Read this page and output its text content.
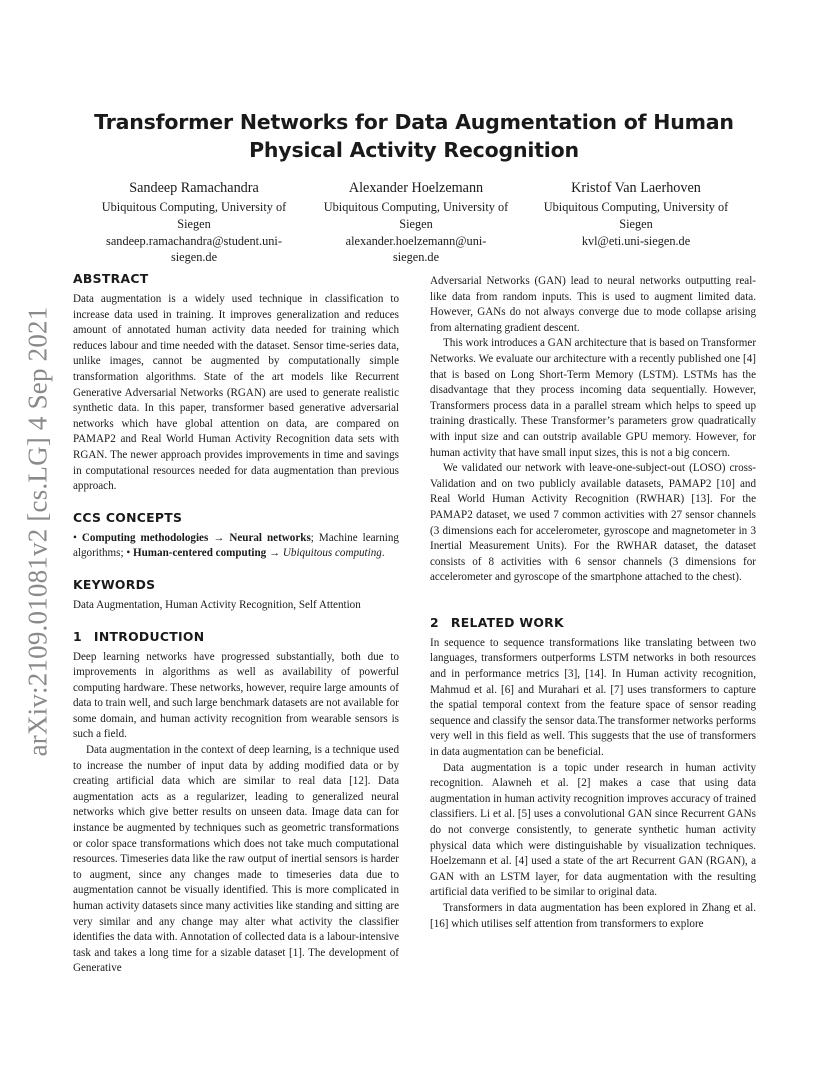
arXiv:2109.01081v2 [cs.LG] 4 Sep 2021
Transformer Networks for Data Augmentation of Human Physical Activity Recognition
Sandeep Ramachandra
Ubiquitous Computing, University of
Siegen
sandeep.ramachandra@student.uni-
siegen.de
Alexander Hoelzemann
Ubiquitous Computing, University of
Siegen
alexander.hoelzemann@uni-
siegen.de
Kristof Van Laerhoven
Ubiquitous Computing, University of
Siegen
kvl@eti.uni-siegen.de
ABSTRACT

Data augmentation is a widely used technique in classification to increase data used in training. It improves generalization and reduces amount of annotated human activity data needed for training which reduces labour and time needed with the dataset. Sensor time-series data, unlike images, cannot be augmented by computationally simple transformation algorithms. State of the art models like Recurrent Generative Adversarial Networks (RGAN) are used to generate realistic synthetic data. In this paper, transformer based generative adversarial networks which have global attention on data, are compared on PAMAP2 and Real World Human Activity Recognition data sets with RGAN. The newer approach provides improvements in time and savings in computational resources needed for data augmentation than previous approach.

CCS CONCEPTS

• Computing methodologies → Neural networks; Machine learning algorithms; • Human-centered computing → Ubiquitous computing.

KEYWORDS

Data Augmentation, Human Activity Recognition, Self Attention

1 INTRODUCTION

Deep learning networks have progressed substantially, both due to improvements in algorithms as well as availability of powerful computing hardware. These networks, however, require large amounts of data to train well, and such large benchmark datasets are not available for some domain, and human activity recognition from wearable sensors is such a field.

Data augmentation in the context of deep learning, is a technique used to increase the number of input data by adding modified data or by creating artificial data which are similar to real data [12]. Data augmentation acts as a regularizer, leading to generalized neural networks which give better results on unseen data. Image data can for instance be augmented by techniques such as geometric transformations or color space transformations which does not take much computational resources. Timeseries data like the raw output of inertial sensors is harder to augment, since any changes made to timeseries data due to augmentation cannot be visually identified. This is more complicated in human activity datasets since many activities like standing and sitting are very similar and any change may alter what activity the classifier identifies the data with. Annotation of collected data is a labour-intensive task and takes a long time for a sizable dataset [1]. The development of Generative

Adversarial Networks (GAN) lead to neural networks outputting real-like data from random inputs. This is used to augment limited data. However, GANs do not always converge due to mode collapse arising from alternating gradient descent.

This work introduces a GAN architecture that is based on Transformer Networks. We evaluate our architecture with a recently published one [4] that is based on Long Short-Term Memory (LSTM). LSTMs has the disadvantage that they process incoming data sequentially. However, Transformers process data in a parallel stream which helps to speed up training drastically. These Transformer’s parameters grow quadratically with input size and can outstrip available GPU memory. However, for human activity that have small input sizes, this is not a big concern.

We validated our network with leave-one-subject-out (LOSO) cross-Validation and on two publicly available datasets, PAMAP2 [10] and Real World Human Activity Recognition (RWHAR) [13]. For the PAMAP2 dataset, we used 7 common activities with 27 sensor channels (3 dimensions each for accelerometer, gyroscope and magnetometer in 3 Inertial Measurement Units). For the RWHAR dataset, the dataset consists of 8 activities with 6 sensor channels (3 dimensions for accelerometer and gyroscope of the smartphone attached to the chest).

2 RELATED WORK

In sequence to sequence transformations like translating between two languages, transformers outperforms LSTM networks in both resources and in performance metrics [3], [14]. In Human activity recognition, Mahmud et al. [6] and Murahari et al. [7] uses transformers to capture the spatial temporal context from the feature space of sensor reading sequence and classify the sensor data.The transformer networks performs very well in this field as well. This suggests that the use of transformers in data augmentation can be beneficial.

Data augmentation is a topic under research in human activity recognition. Alawneh et al. [2] makes a case that using data augmentation in human activity recognition improves accuracy of trained classifiers. Li et al. [5] uses a convolutional GAN since Recurrent GANs do not converge consistently, to generate synthetic human activity physical data which were distinguishable by visualization techniques. Hoelzemann et al. [4] used a state of the art Recurrent GAN (RGAN), a GAN with an LSTM layer, for data augmentation with the resulting artificial data verified to be similar to original data.

Transformers in data augmentation has been explored in Zhang et al. [16] which utilises self attention from transformers to explore
